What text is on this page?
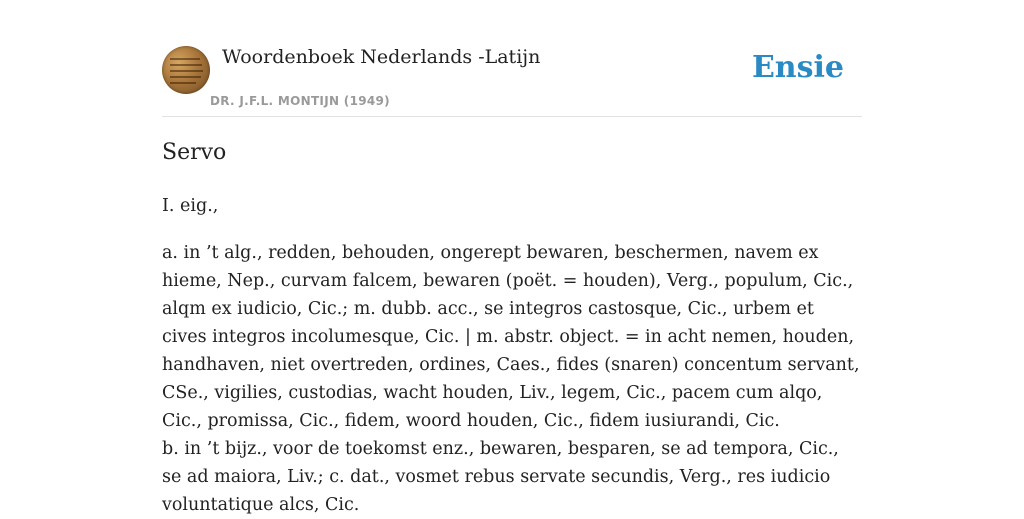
Woordenboek Nederlands -Latijn
DR. J.F.L. MONTIJN (1949)
Ensie
Servo

I. eig.,

a. in ’t alg., redden, behouden, ongerept bewaren, beschermen, navem ex hieme, Nep., curvam falcem, bewaren (poët. = houden), Verg., populum, Cic., alqm ex iudicio, Cic.; m. dubb. acc., se integros castosque, Cic., urbem et cives integros incolumesque, Cic. | m. abstr. object. = in acht nemen, houden, handhaven, niet overtreden, ordines, Caes., fides (snaren) concentum servant, CSe., vigilies, custodias, wacht houden, Liv., legem, Cic., pacem cum alqo, Cic., promissa, Cic., fidem, woord houden, Cic., fidem iusiurandi, Cic.

b. in ’t bijz., voor de toekomst enz., bewaren, besparen, se ad tempora, Cic., se ad maiora, Liv.; c. dat., vosmet rebus servate secundis, Verg., res iudicio voluntatique alcs, Cic.
